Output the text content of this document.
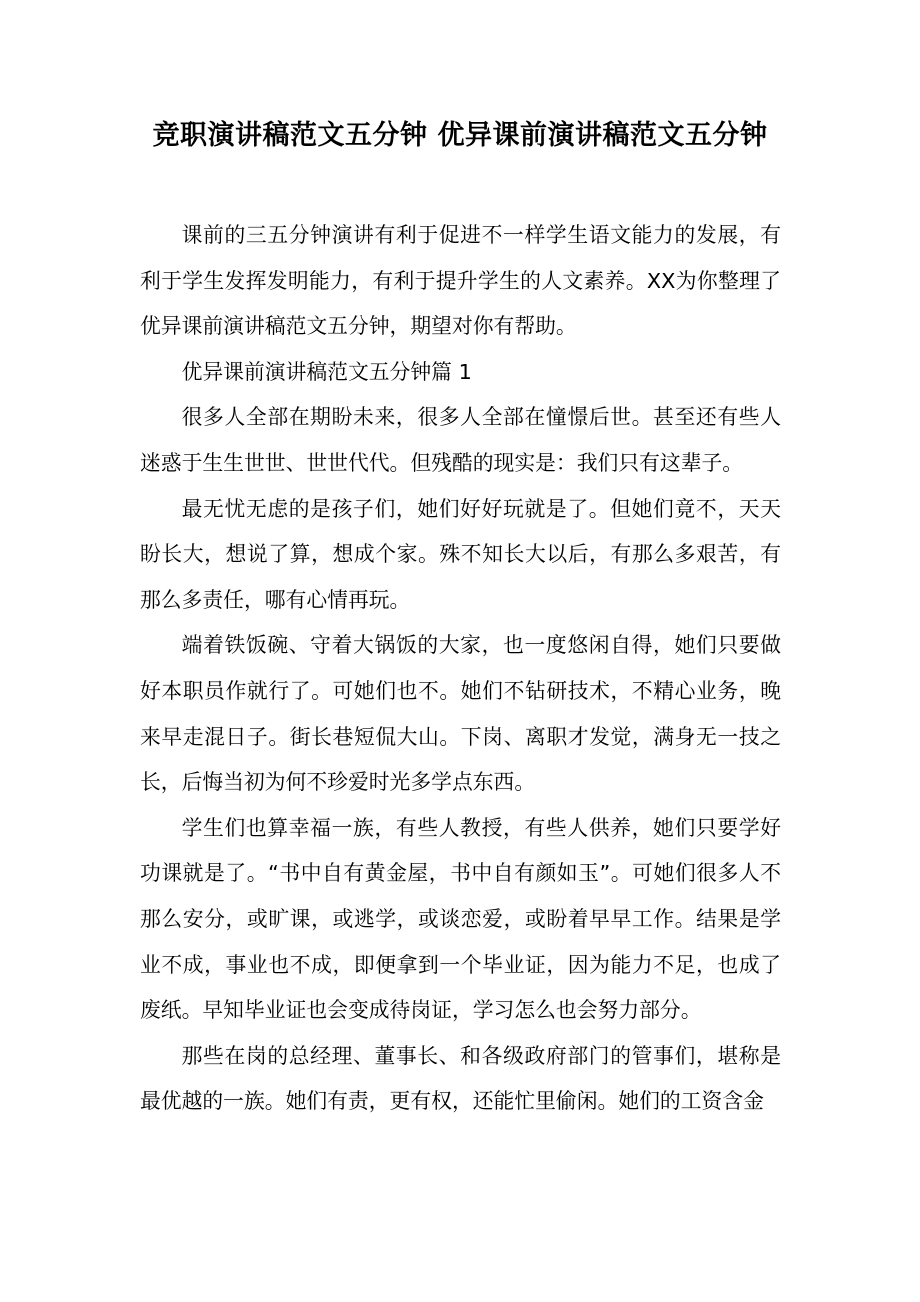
竞职演讲稿范文五分钟 优异课前演讲稿范文五分钟

课前的三五分钟演讲有利于促进不一样学生语文能力的发展，有利于学生发挥发明能力，有利于提升学生的人文素养。XX为你整理了优异课前演讲稿范文五分钟，期望对你有帮助。

优异课前演讲稿范文五分钟篇 1

很多人全部在期盼未来，很多人全部在憧憬后世。甚至还有些人迷惑于生生世世、世世代代。但残酷的现实是：我们只有这辈子。

最无忧无虑的是孩子们，她们好好玩就是了。但她们竟不，天天盼长大，想说了算，想成个家。殊不知长大以后，有那么多艰苦，有那么多责任，哪有心情再玩。

端着铁饭碗、守着大锅饭的大家，也一度悠闲自得，她们只要做好本职员作就行了。可她们也不。她们不钻研技术，不精心业务，晚来早走混日子。街长巷短侃大山。下岗、离职才发觉，满身无一技之长，后悔当初为何不珍爱时光多学点东西。

学生们也算幸福一族，有些人教授，有些人供养，她们只要学好功课就是了。“书中自有黄金屋，书中自有颜如玉”。可她们很多人不那么安分，或旷课，或逃学，或谈恋爱，或盼着早早工作。结果是学业不成，事业也不成，即便拿到一个毕业证，因为能力不足，也成了废纸。早知毕业证也会变成待岗证，学习怎么也会努力部分。

那些在岗的总经理、董事长、和各级政府部门的管事们，堪称是最优越的一族。她们有责，更有权，还能忙里偷闲。她们的工资含金
